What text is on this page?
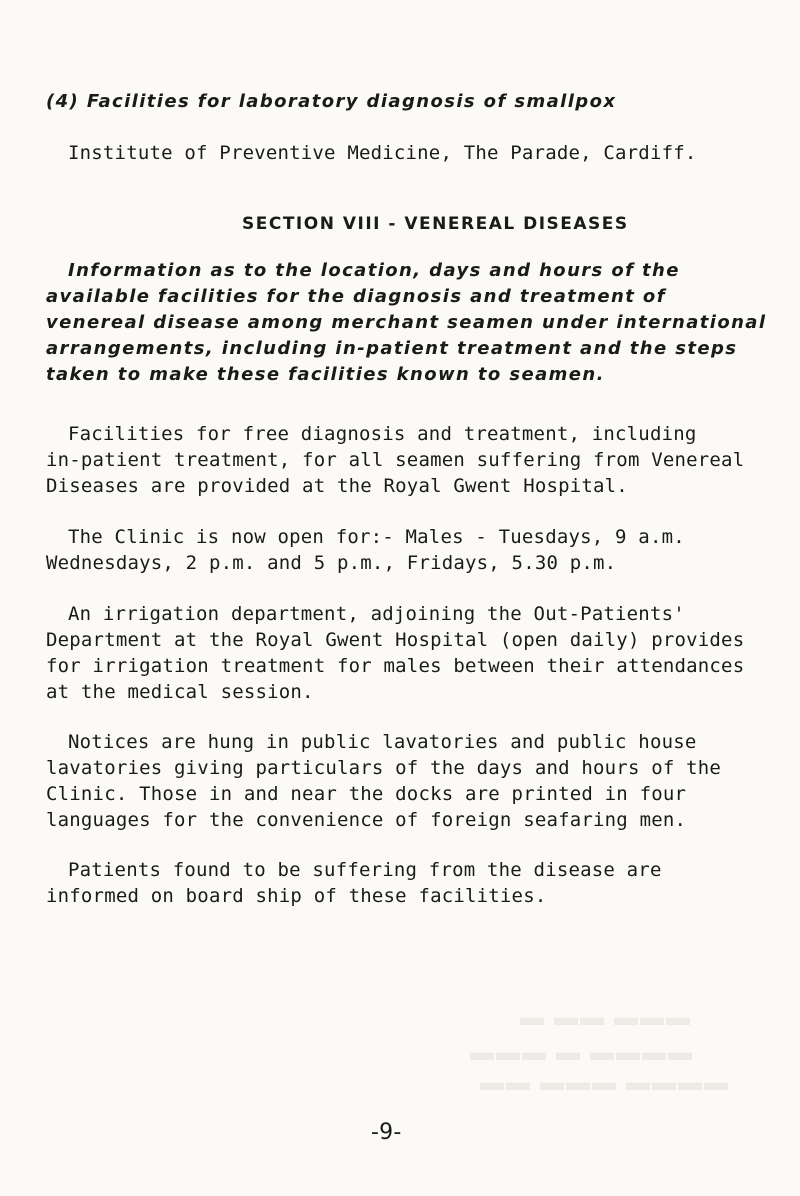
(4) Facilities for laboratory diagnosis of smallpox

Institute of Preventive Medicine, The Parade, Cardiff.

SECTION VIII - VENEREAL DISEASES

Information as to the location, days and hours of the

available facilities for the diagnosis and treatment of

venereal disease among merchant seamen under international

arrangements, including in-patient treatment and the steps

taken to make these facilities known to seamen.

Facilities for free diagnosis and treatment, including

in-patient treatment, for all seamen suffering from Venereal

Diseases are provided at the Royal Gwent Hospital.

The Clinic is now open for:- Males - Tuesdays, 9 a.m.

Wednesdays, 2 p.m. and 5 p.m., Fridays, 5.30 p.m.

An irrigation department, adjoining the Out-Patients'

Department at the Royal Gwent Hospital (open daily) provides

for irrigation treatment for males between their attendances

at the medical session.

Notices are hung in public lavatories and public house

lavatories giving particulars of the days and hours of the

Clinic. Those in and near the docks are printed in four

languages for the convenience of foreign seafaring men.

Patients found to be suffering from the disease are

informed on board ship of these facilities.

▬ ▬▬ ▬▬▬
▬▬▬ ▬ ▬▬▬▬
▬▬ ▬▬▬ ▬▬▬▬

-9-
